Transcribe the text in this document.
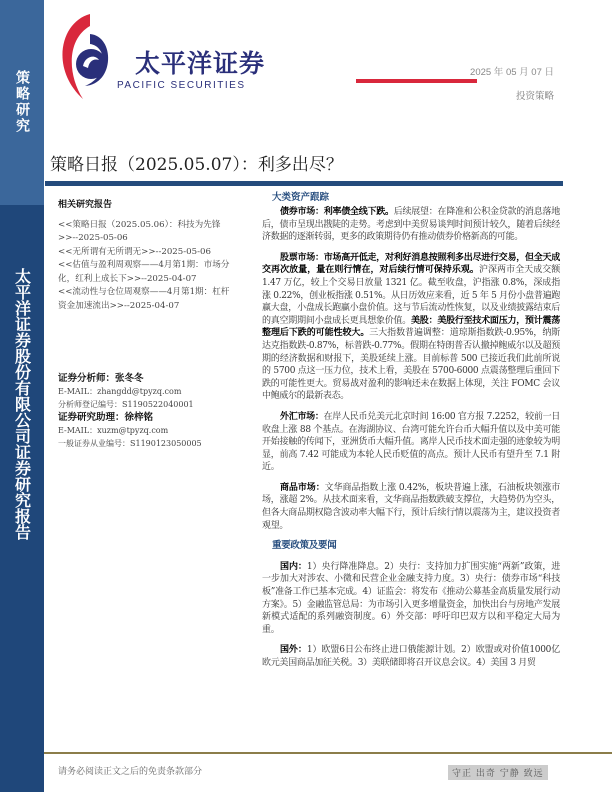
策略研究
太平洋证券股份有限公司证券研究报告
太平洋证券
PACIFIC SECURITIES
2025 年 05 月 07 日
投资策略
策略日报（2025.05.07）：利多出尽？
相关研究报告
<<策略日报（2025.05.06）：科技为先锋>>--2025-05-06
<<无所谓有无所谓无>>--2025-05-06
<<估值与盈利周观察——4月第1期：市场分化，红利上成长下>>--2025-04-07
<<流动性与仓位周观察——4月第1期：杠杆资金加速流出>>--2025-04-07
证券分析师：张冬冬
E-MAIL：zhangdd@tpyzq.com
分析师登记编号：S1190522040001
证券研究助理：徐梓铭
E-MAIL：xuzm@tpyzq.com
一般证券从业编号：S1190123050005
大类资产跟踪

债券市场：利率债全线下跌。后续展望：在降准和公积金贷款的消息落地后，债市呈现出戡陡的走势。考虑到中美贸易谈判时间预计较久，随着后续经济数据的逐渐转弱，更多的政策期待仍有推动债券价格新高的可能。

股票市场：市场高开低走，对利好消息按照利多出尽进行交易，但全天成交再次放量，量在则行情在，对后续行情可保持乐观。沪深两市全天成交额 1.47 万亿，较上个交易日放量 1321 亿。截至收盘，沪指涨 0.8%，深成指涨 0.22%，创业板指涨 0.51%。从日历效应来看，近 5 年 5 月份小盘普遍跑赢大盘，小盘成长跑赢小盘价值。这与节后流动性恢复，以及业绩披露结束后的真空期期间小盘成长更具想象价值。美股：美股行至技术面压力，预计震荡整理后下跌的可能性较大。三大指数普遍调整：道琼斯指数跌-0.95%，纳斯达克指数跌-0.87%，标普跌-0.77%。假期在特朗普否认撤掉鲍威尔以及超预期的经济数据和财报下，美股延续上涨。目前标普 500 已接近我们此前所说的 5700 点这一压力位，技术上看，美股在 5700-6000 点震荡整理后重回下跌的可能性更大。贸易战对盈利的影响还未在数据上体现，关注 FOMC 会议中鲍威尔的最新表态。

外汇市场：在岸人民币兑美元北京时间 16:00 官方报 7.2252，较前一日收盘上涨 88 个基点。在海湖协议、台湾可能允许台币大幅升值以及中美可能开始接触的传闻下，亚洲货币大幅升值。离岸人民币技术面走强的迹象较为明显，前高 7.42 可能成为本轮人民币贬值的高点。预计人民币有望升至 7.1 附近。

商品市场：文华商品指数上涨 0.42%，板块普遍上涨，石油板块领涨市场，涨超 2%。从技术面来看，文华商品指数跌破支撑位，大趋势仍为空头，但各大商品期权隐含波动率大幅下行，预计后续行情以震荡为主，建议投资者观望。

重要政策及要闻

国内：1）央行降准降息。2）央行：支持加力扩围实施“两新”政策，进一步加大对涉农、小微和民营企业金融支持力度。3）央行：债券市场“科技板”准备工作已基本完成。4）证监会：将发布《推动公募基金高质量发展行动方案》。5）金融监管总局：为市场引入更多增量资金，加快出台与房地产发展新模式适配的系列融资制度。6）外交部：呼吁印巴双方以和平稳定大局为重。

国外：1）欧盟6日公布终止进口俄能源计划。2）欧盟或对价值1000亿欧元美国商品加征关税。3）美联储即将召开议息会议。4）美国 3 月贸

请务必阅读正文之后的免责条款部分	守正 出奇 宁静 致远
